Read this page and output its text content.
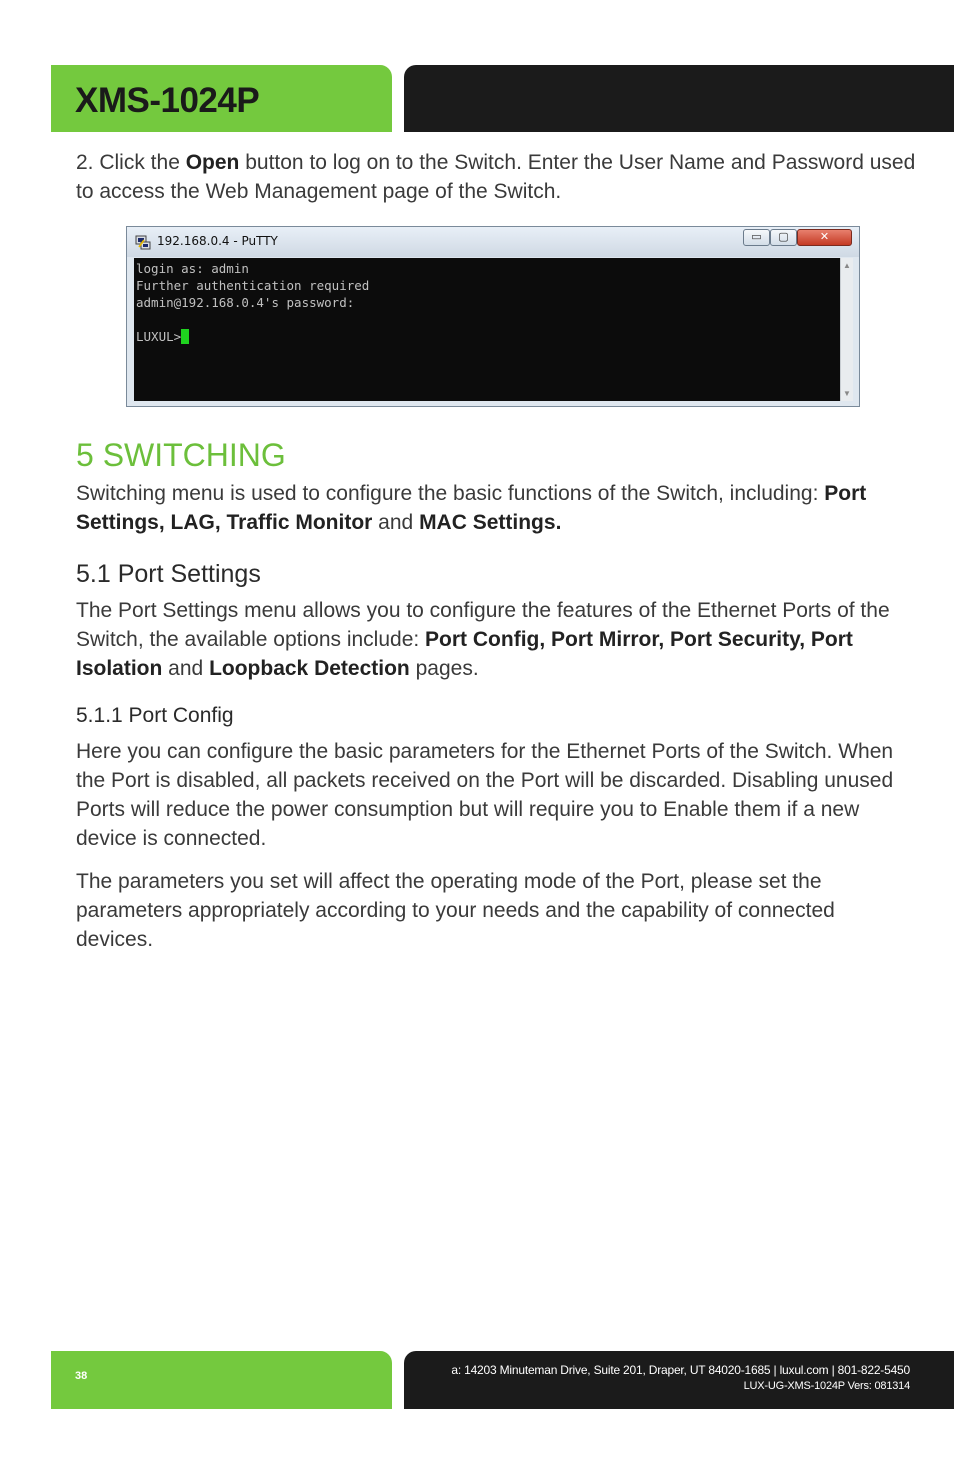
XMS-1024P

2. Click the Open button to log on to the Switch. Enter the User Name and Password used to access the Web Management page of the Switch.

192.168.0.4 - PuTTY	▭	▢	✕
login as: admin
Further authentication required
admin@192.168.0.4's password:
LUXUL>
▲
▼
5 SWITCHING

Switching menu is used to configure the basic functions of the Switch, including: Port Settings, LAG, Traffic Monitor and MAC Settings.

5.1 Port Settings

The Port Settings menu allows you to configure the features of the Ethernet Ports of the Switch, the available options include: Port Config, Port Mirror, Port Security, Port Isolation and Loopback Detection pages.

5.1.1 Port Config

Here you can configure the basic parameters for the Ethernet Ports of the Switch. When the Port is disabled, all packets received on the Port will be discarded. Disabling unused Ports will reduce the power consumption but will require you to Enable them if a new device is connected.

The parameters you set will affect the operating mode of the Port, please set the parameters appropriately according to your needs and the capability of connected devices.

38	a: 14203 Minuteman Drive, Suite 201, Draper, UT 84020-1685 | luxul.com | 801-822-5450
LUX-UG-XMS-1024P Vers: 081314
